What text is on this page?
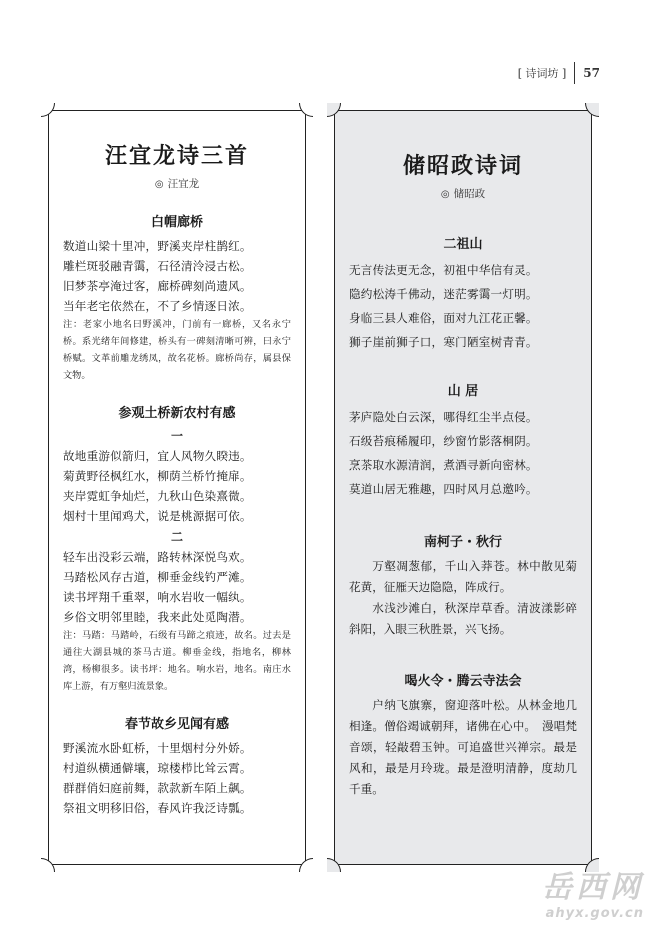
[ 诗词坊 ] 57
汪宜龙诗三首
◎ 汪宜龙
白帽廊桥
数道山梁十里冲，野溪夹岸柱鹊红。
雕栏斑驳融青霭，石径清泠浸古松。
旧梦茶亭淹过客，廊桥碑刻尚遗风。
当年老宅依然在，不了乡情逐日浓。
注：老家小地名曰野溪冲，门前有一廊桥，又名永宁桥。系光绪年间修建，桥头有一碑刻清晰可辨，曰永宁桥赋。文革前雕龙绣凤，故名花桥。廊桥尚存，属县保文物。
参观土桥新农村有感
一
故地重游似箭归，宜人风物久睽违。
菊黄野径枫红水，柳荫兰桥竹掩扉。
夹岸霓虹争灿烂，九秋山色染熹微。
烟村十里闻鸡犬，说是桃源据可依。
二
轻车出没彩云端，路转林深悦鸟欢。
马踏松风存古道，柳垂金线钓严滩。
读书坪翔千重翠，响水岩收一幅纨。
乡俗文明邻里睦，我来此处觅陶潜。
注：马踏：马踏岭，石级有马蹄之痕迹，故名。过去是通往大湖县城的茶马古道。柳垂金线，指地名，柳林湾，杨柳很多。读书坪：地名。响水岩，地名。南庄水库上游，有万壑归流景象。
春节故乡见闻有感
野溪流水卧虹桥，十里烟村分外娇。
村道纵横通僻壤，琼楼栉比耸云霄。
群群俏妇庭前舞，款款新车陌上飙。
祭祖文明移旧俗，春风许我泛诗瓢。
储昭政诗词
◎ 储昭政
二祖山
无言传法更无念，初祖中华信有灵。
隐约松涛千佛动，迷茫雾霭一灯明。
身临三县人难俗，面对九江花正馨。
狮子崖前狮子口，寒门陋室树青青。
山 居
茅庐隐处白云深，哪得红尘半点侵。
石级苔痕稀履印，纱窗竹影落桐阴。
烹茶取水源清润，煮酒寻新向密林。
莫道山居无雅趣，四时风月总邀吟。
南柯子・秋行
万壑凋葱郁，千山入莽苍。林中散见菊花黄，征雁天边隐隐，阵成行。
水浅沙滩白，秋深岸草香。清波漾影碎斜阳，入眼三秋胜景，兴飞扬。
喝火令・腾云寺法会
户纳飞旗寨，窗迎落叶松。从林金地几相逢。僧俗竭诚朝拜，诸佛在心中。　漫唱梵音颂，轻敲碧玉钟。可追盛世兴禅宗。最是风和，最是月玲珑。最是澄明清静，度劫几千重。
岳西网
ahyx.gov.cn
